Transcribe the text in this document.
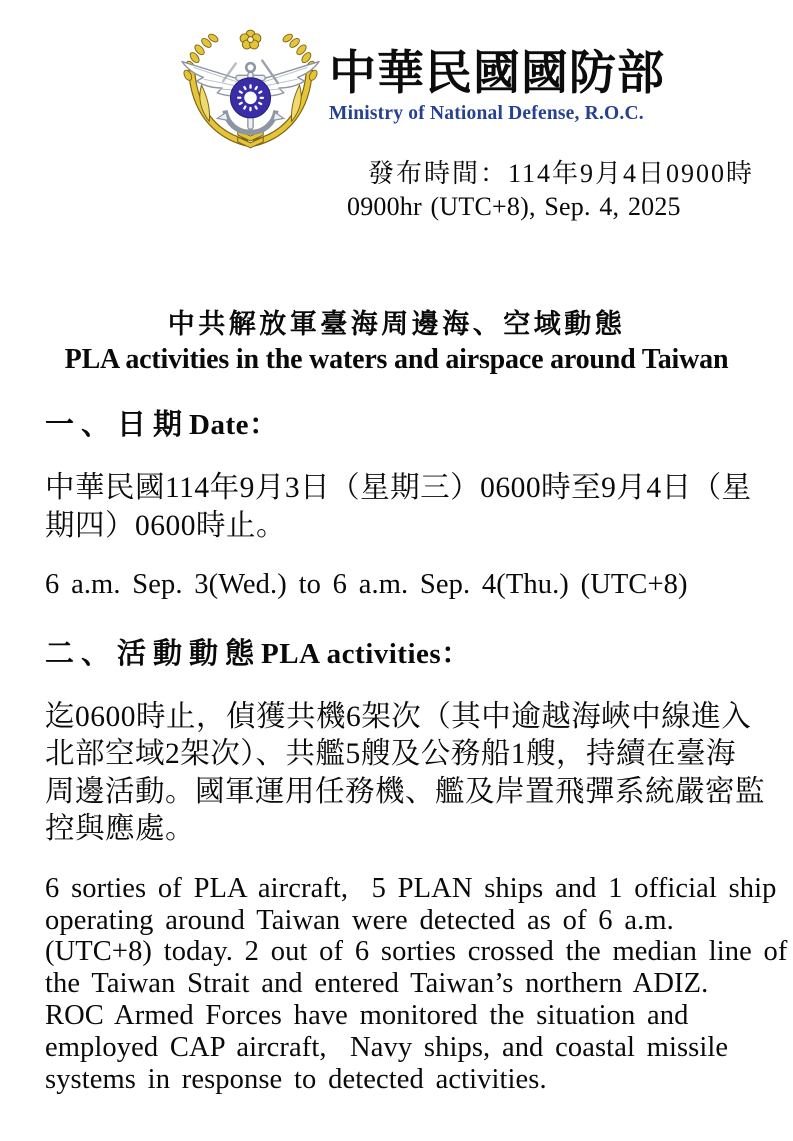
中華民國國防部
Ministry of National Defense, R.O.C.
發布時間：114年9月4日0900時
0900hr (UTC+8), Sep. 4, 2025
中共解放軍臺海周邊海、空域動態
PLA activities in the waters and airspace around Taiwan
一、日期Date：
中華民國114年9月3日（星期三）0600時至9月4日（星
期四）0600時止。
6 a.m. Sep. 3(Wed.) to 6 a.m. Sep. 4(Thu.) (UTC+8)
二、活動動態PLA activities：
迄0600時止，偵獲共機6架次（其中逾越海峽中線進入
北部空域2架次）、共艦5艘及公務船1艘，持續在臺海
周邊活動。國軍運用任務機、艦及岸置飛彈系統嚴密監
控與應處。
6 sorties of PLA aircraft,  5 PLAN ships and 1 official ship
operating around Taiwan were detected as of 6 a.m.
(UTC+8) today. 2 out of 6 sorties crossed the median line of
the Taiwan Strait and entered Taiwan’s northern ADIZ.
ROC Armed Forces have monitored the situation and
employed CAP aircraft,  Navy ships, and coastal missile
systems in response to detected activities.
